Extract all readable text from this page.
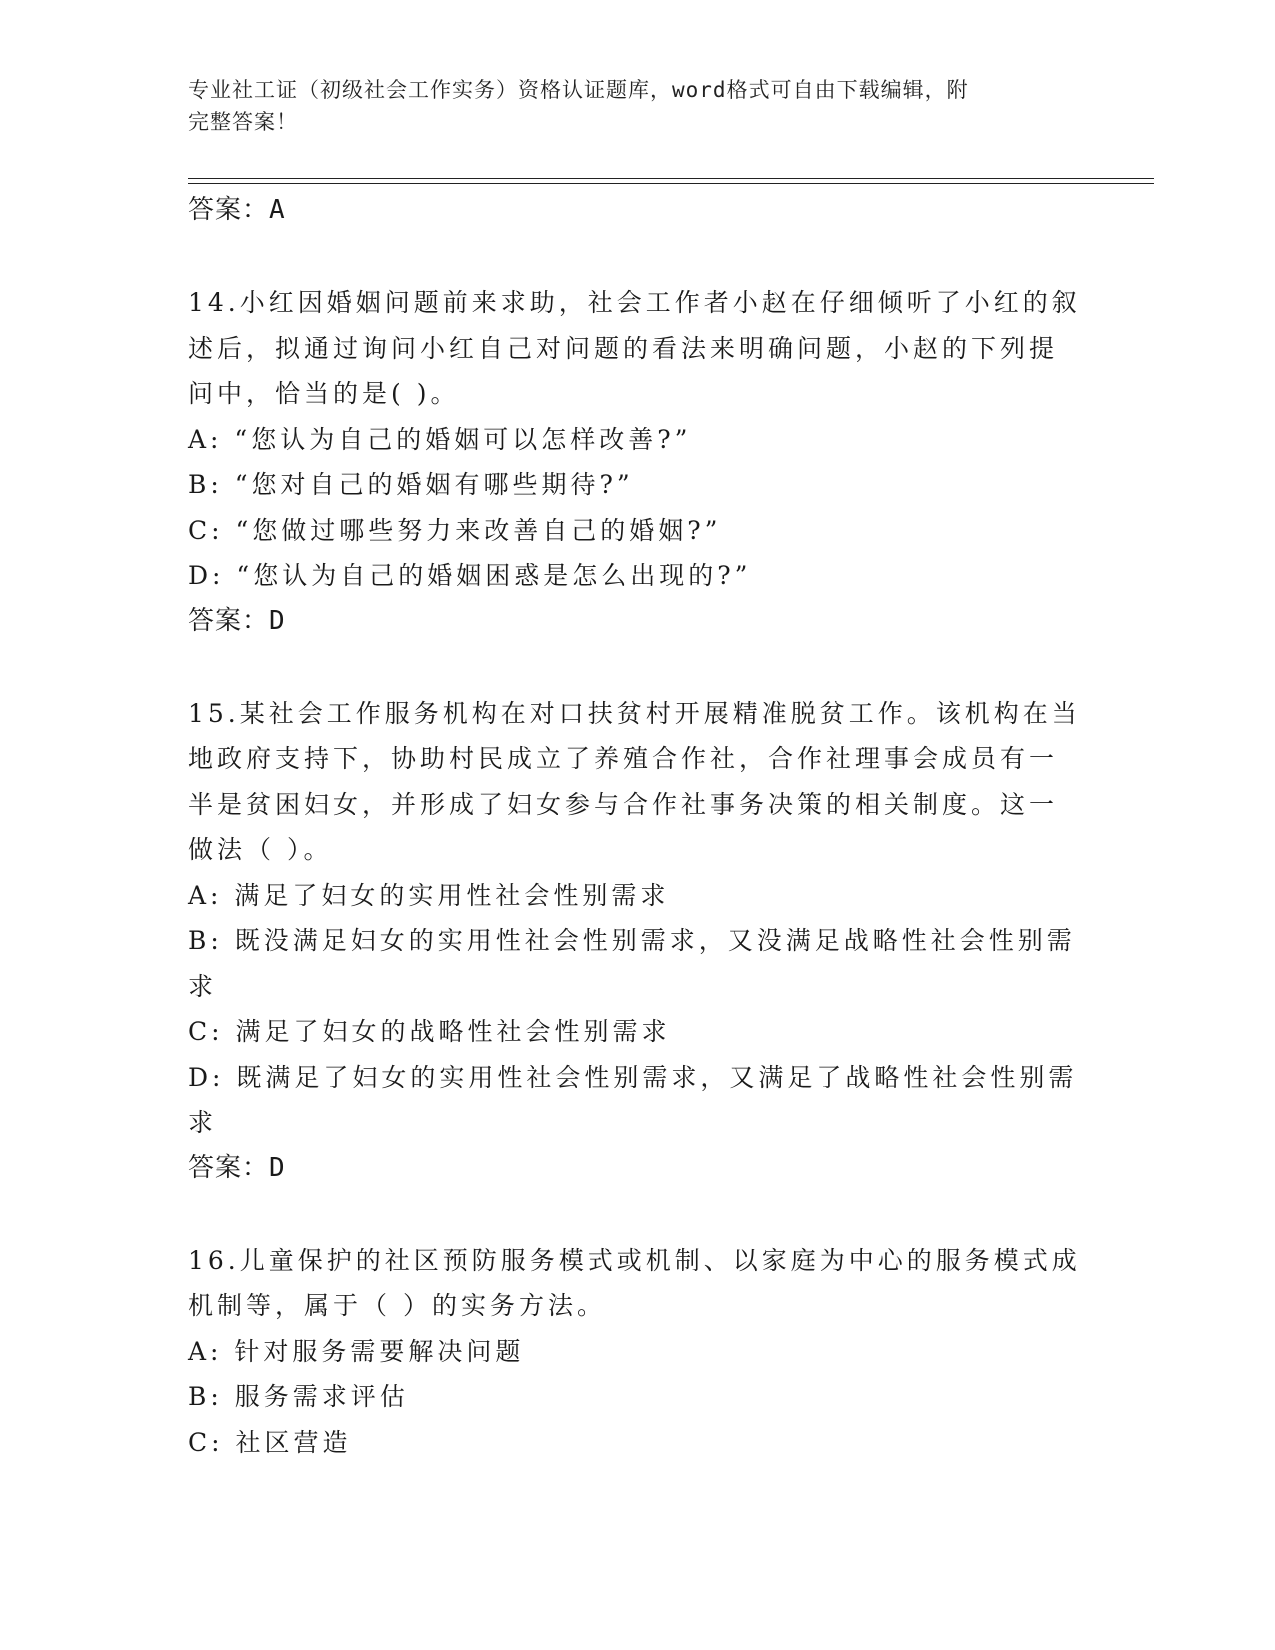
专业社工证（初级社会工作实务）资格认证题库，word格式可自由下载编辑，附
完整答案！
答案：A
14.小红因婚姻问题前来求助，社会工作者小赵在仔细倾听了小红的叙
述后，拟通过询问小红自己对问题的看法来明确问题，小赵的下列提
问中，恰当的是( )。
A: “您认为自己的婚姻可以怎样改善?”
B: “您对自己的婚姻有哪些期待?”
C: “您做过哪些努力来改善自己的婚姻?”
D: “您认为自己的婚姻困惑是怎么出现的?”
答案：D
15.某社会工作服务机构在对口扶贫村开展精准脱贫工作。该机构在当
地政府支持下，协助村民成立了养殖合作社，合作社理事会成员有一
半是贫困妇女，并形成了妇女参与合作社事务决策的相关制度。这一
做法（ ）。
A: 满足了妇女的实用性社会性别需求
B: 既没满足妇女的实用性社会性别需求，又没满足战略性社会性别需
求
C: 满足了妇女的战略性社会性别需求
D: 既满足了妇女的实用性社会性别需求，又满足了战略性社会性别需
求
答案：D
16.儿童保护的社区预防服务模式或机制、以家庭为中心的服务模式成
机制等，属于（ ）的实务方法。
A: 针对服务需要解决问题
B: 服务需求评估
C: 社区营造
